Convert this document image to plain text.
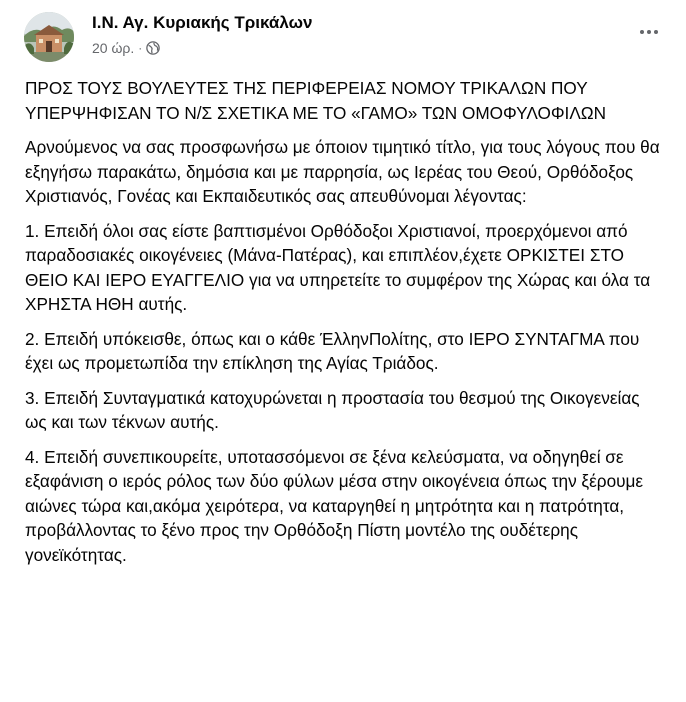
Ι.Ν. Αγ. Κυριακής Τρικάλων
20 ώρ. ·

ΠΡΟΣ ΤΟΥΣ ΒΟΥΛΕΥΤΕΣ ΤΗΣ ΠΕΡΙΦΕΡΕΙΑΣ ΝΟΜΟΥ ΤΡΙΚΑΛΩΝ ΠΟΥ ΥΠΕΡΨΗΦΙΣΑΝ ΤΟ Ν/Σ ΣΧΕΤΙΚΑ ΜΕ ΤΟ «ΓΑΜΟ» ΤΩΝ ΟΜΟΦΥΛΟΦΙΛΩΝ

Αρνούμενος να σας προσφωνήσω με όποιον τιμητικό τίτλο, για τους λόγους που θα εξηγήσω παρακάτω, δημόσια και με παρρησία, ως Ιερέας του Θεού, Ορθόδοξος Χριστιανός, Γονέας και Εκπαιδευτικός σας απευθύνομαι λέγοντας:

1. Επειδή όλοι σας είστε βαπτισμένοι Ορθόδοξοι Χριστιανοί, προερχόμενοι από παραδοσιακές οικογένειες (Μάνα-Πατέρας), και επιπλέον,έχετε ΟΡΚΙΣΤΕΙ ΣΤΟ ΘΕΙΟ ΚΑΙ ΙΕΡΟ ΕΥΑΓΓΕΛΙΟ για να υπηρετείτε το συμφέρον της Χώρας και όλα τα ΧΡΗΣΤΑ ΗΘΗ αυτής.

2. Επειδή υπόκεισθε, όπως και ο κάθε ΈλληνΠολίτης, στο ΙΕΡΟ ΣΥΝΤΑΓΜΑ που έχει ως προμετωπίδα την επίκληση της Αγίας Τριάδος.

3. Επειδή Συνταγματικά κατοχυρώνεται η προστασία του θεσμού της Οικογενείας ως και των τέκνων αυτής.

4. Επειδή συνεπικουρείτε, υποτασσόμενοι σε ξένα κελεύσματα, να οδηγηθεί σε εξαφάνιση ο ιερός ρόλος των δύο φύλων μέσα στην οικογένεια όπως την ξέρουμε αιώνες τώρα και,ακόμα χειρότερα, να καταργηθεί η μητρότητα και η πατρότητα, προβάλλοντας το ξένο προς την Ορθόδοξη Πίστη μοντέλο της ουδέτερης γονεϊκότητας.
